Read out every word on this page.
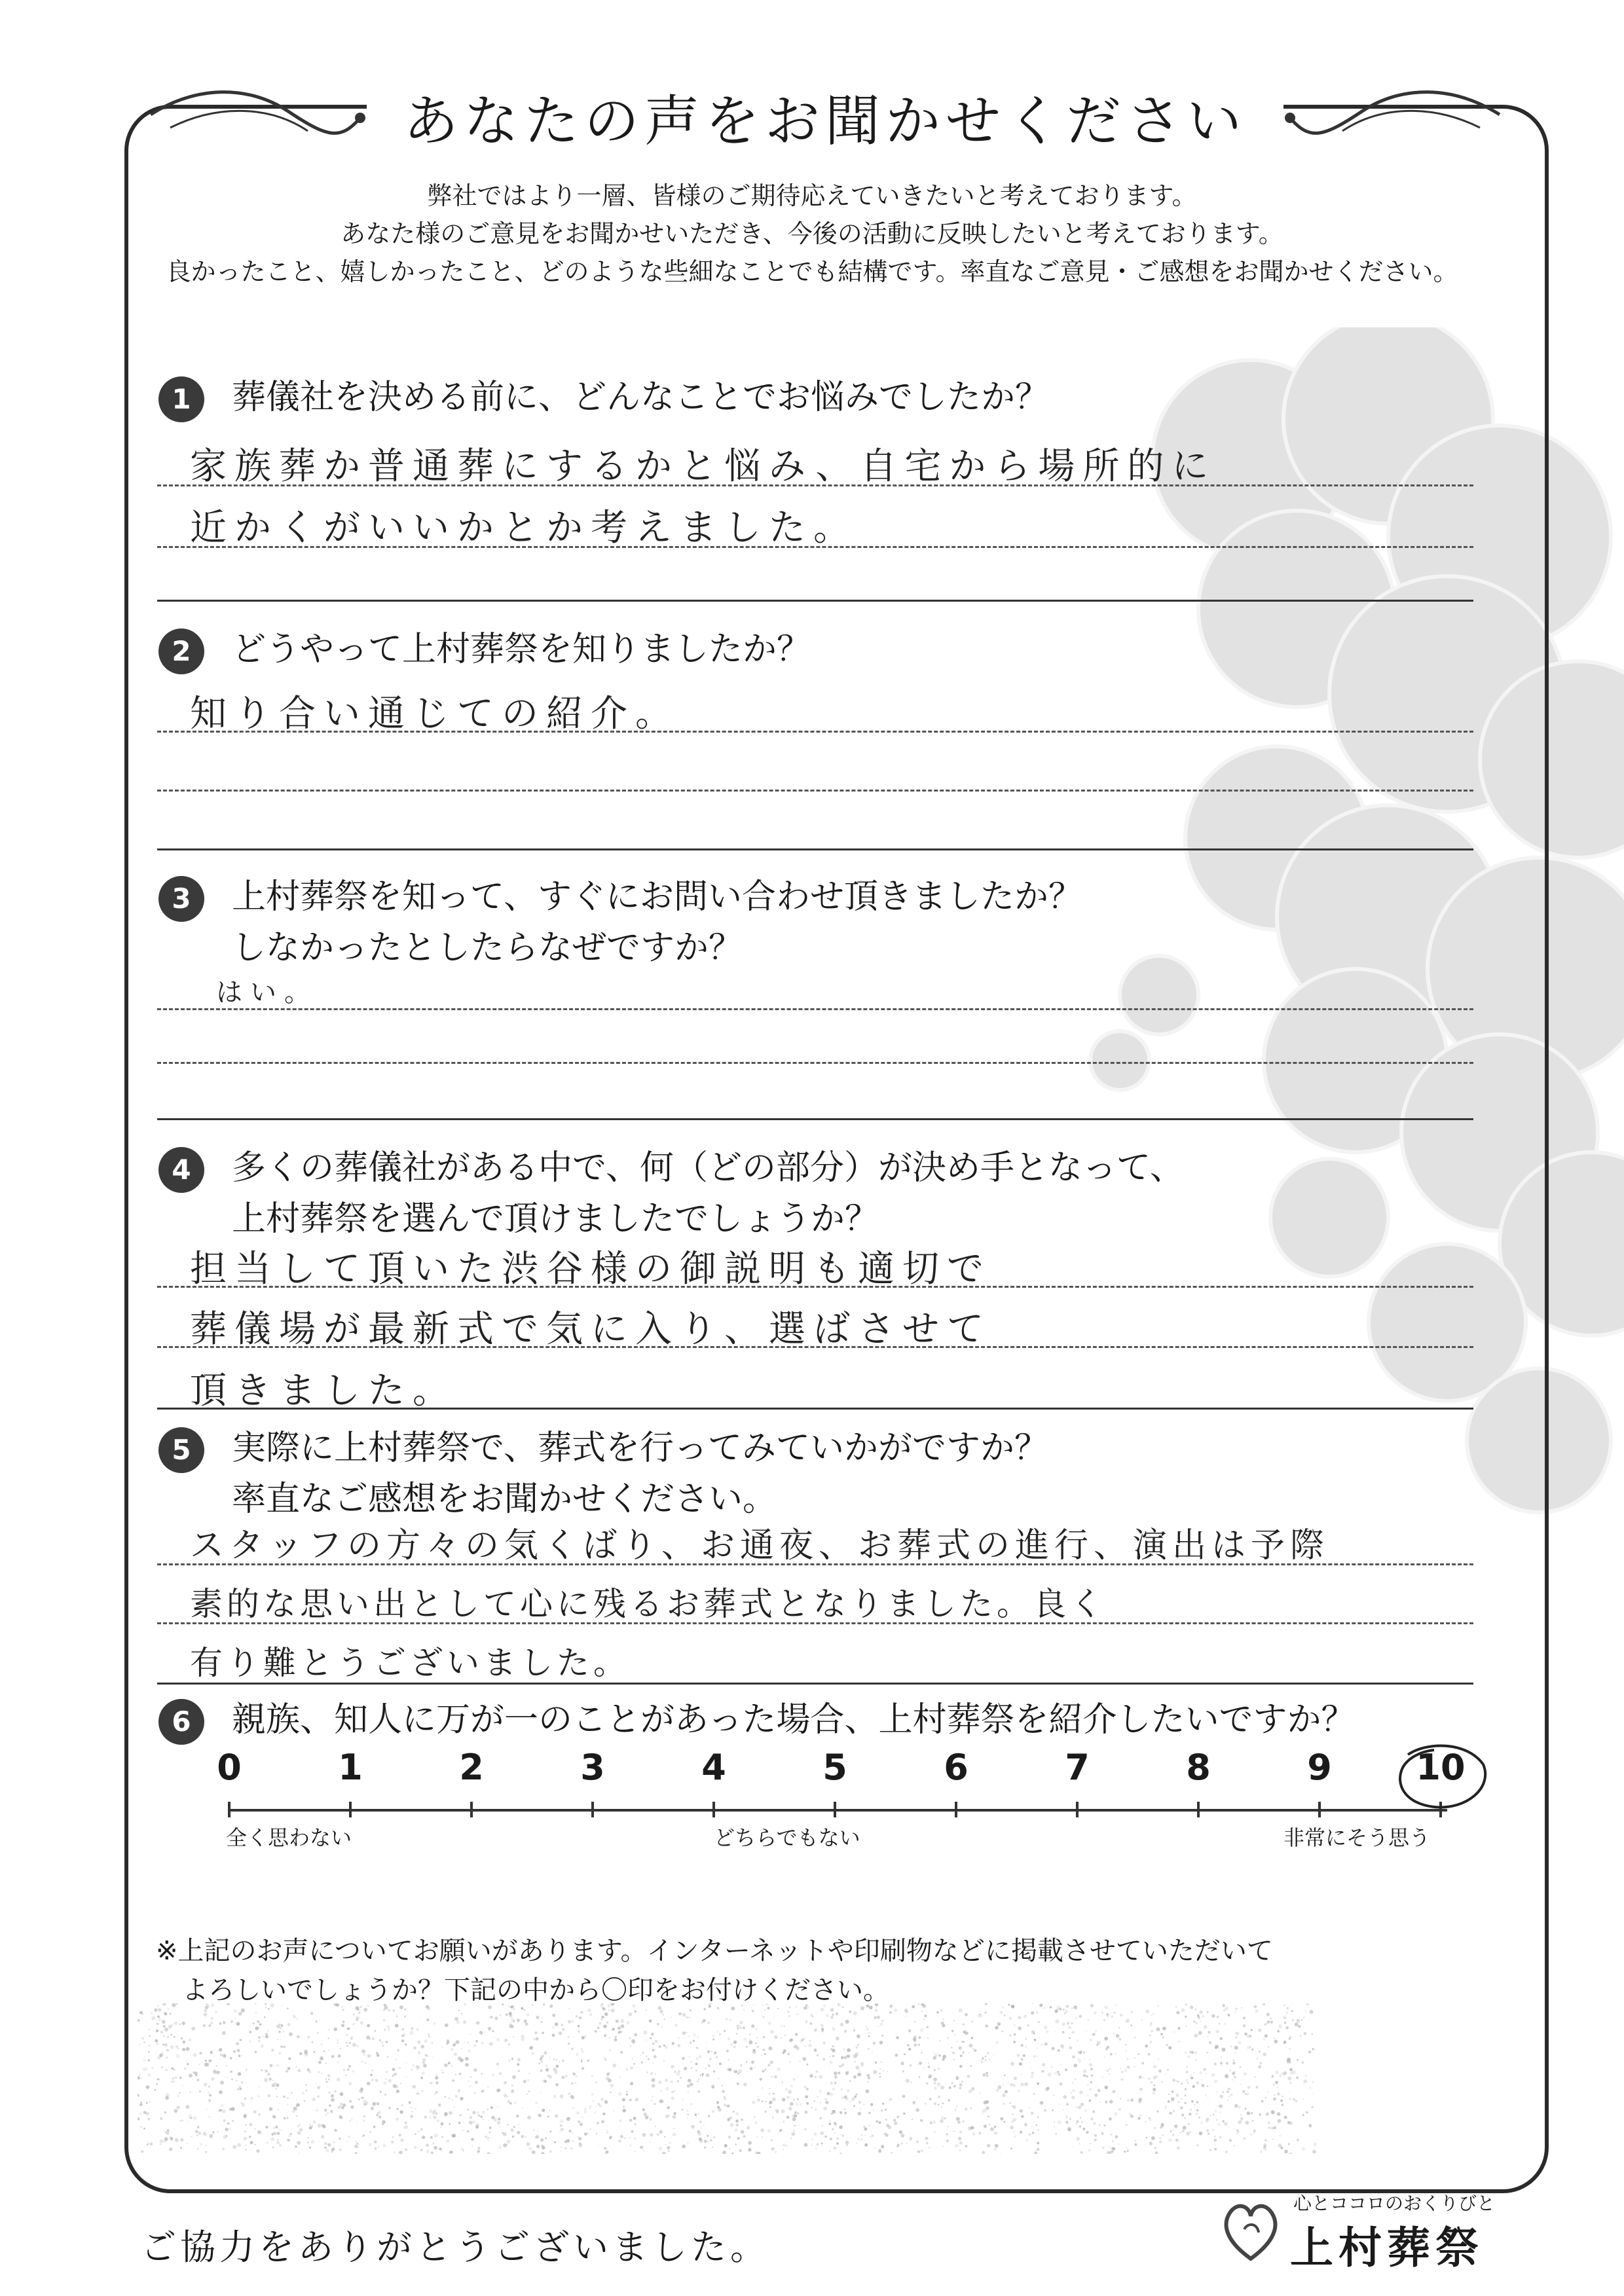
あなたの声をお聞かせください
弊社ではより一層、皆様のご期待応えていきたいと考えております。
あなた様のご意見をお聞かせいただき、今後の活動に反映したいと考えております。
良かったこと、嬉しかったこと、どのような些細なことでも結構です。率直なご意見・ご感想をお聞かせください。
1	葬儀社を決める前に、どんなことでお悩みでしたか？
家族葬か普通葬にするかと悩み、自宅から場所的に
近かくがいいかとか考えました。
2	どうやって上村葬祭を知りましたか？
知り合い通じての紹介。
3	上村葬祭を知って、すぐにお問い合わせ頂きましたか？
しなかったとしたらなぜですか？
はい。
4	多くの葬儀社がある中で、何（どの部分）が決め手となって、
上村葬祭を選んで頂けましたでしょうか？
担当して頂いた渋谷様の御説明も適切で
葬儀場が最新式で気に入り、選ばさせて
頂きました。
5	実際に上村葬祭で、葬式を行ってみていかがですか？
率直なご感想をお聞かせください。
スタッフの方々の気くばり、お通夜、お葬式の進行、演出は予際
素的な思い出として心に残るお葬式となりました。良く
有り難とうございました。
6	親族、知人に万が一のことがあった場合、上村葬祭を紹介したいですか？
0	1	2	3	4	5	6	7	8	9	10
全く思わない	どちらでもない	非常にそう思う
※上記のお声についてお願いがあります。インターネットや印刷物などに掲載させていただいて
よろしいでしょうか？下記の中から〇印をお付けください。
ご協力をありがとうございました。
心とココロのおくりびと
上村葬祭
